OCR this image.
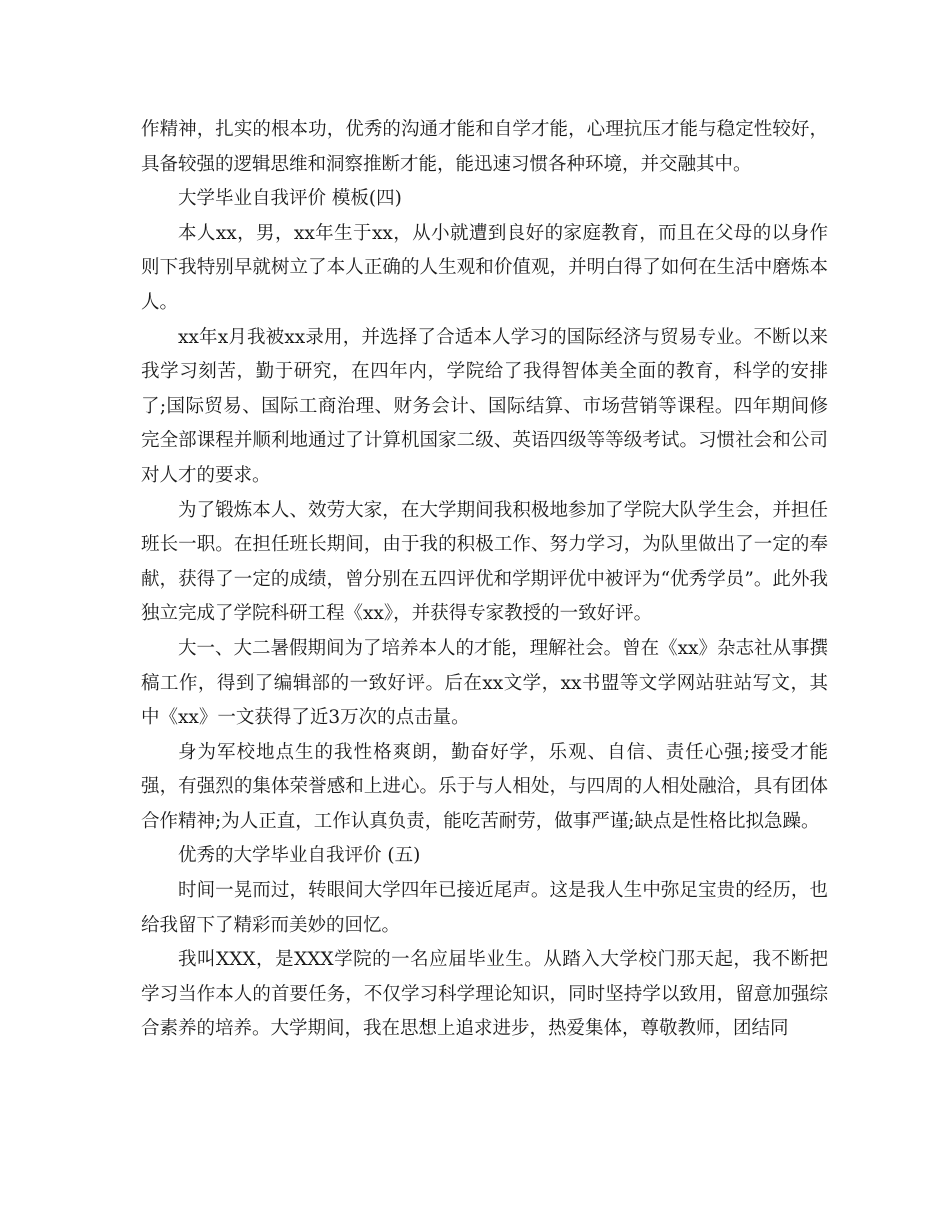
作精神，扎实的根本功，优秀的沟通才能和自学才能，心理抗压才能与稳定性较好，具备较强的逻辑思维和洞察推断才能，能迅速习惯各种环境，并交融其中。

大学毕业自我评价 模板(四)

本人xx，男，xx年生于xx，从小就遭到良好的家庭教育，而且在父母的以身作则下我特别早就树立了本人正确的人生观和价值观，并明白得了如何在生活中磨炼本人。

xx年x月我被xx录用，并选择了合适本人学习的国际经济与贸易专业。不断以来我学习刻苦，勤于研究，在四年内，学院给了我得智体美全面的教育，科学的安排了;国际贸易、国际工商治理、财务会计、国际结算、市场营销等课程。四年期间修完全部课程并顺利地通过了计算机国家二级、英语四级等等级考试。习惯社会和公司对人才的要求。

为了锻炼本人、效劳大家，在大学期间我积极地参加了学院大队学生会，并担任班长一职。在担任班长期间，由于我的积极工作、努力学习，为队里做出了一定的奉献，获得了一定的成绩，曾分别在五四评优和学期评优中被评为“优秀学员”。此外我独立完成了学院科研工程《xx》，并获得专家教授的一致好评。

大一、大二暑假期间为了培养本人的才能，理解社会。曾在《xx》杂志社从事撰稿工作，得到了编辑部的一致好评。后在xx文学，xx书盟等文学网站驻站写文，其中《xx》一文获得了近3万次的点击量。

身为军校地点生的我性格爽朗，勤奋好学，乐观、自信、责任心强;接受才能强，有强烈的集体荣誉感和上进心。乐于与人相处，与四周的人相处融洽，具有团体合作精神;为人正直，工作认真负责，能吃苦耐劳，做事严谨;缺点是性格比拟急躁。

优秀的大学毕业自我评价 (五)

时间一晃而过，转眼间大学四年已接近尾声。这是我人生中弥足宝贵的经历，也给我留下了精彩而美妙的回忆。

我叫XXX，是XXX学院的一名应届毕业生。从踏入大学校门那天起，我不断把学习当作本人的首要任务，不仅学习科学理论知识，同时坚持学以致用，留意加强综合素养的培养。大学期间，我在思想上追求进步，热爱集体，尊敬教师，团结同
